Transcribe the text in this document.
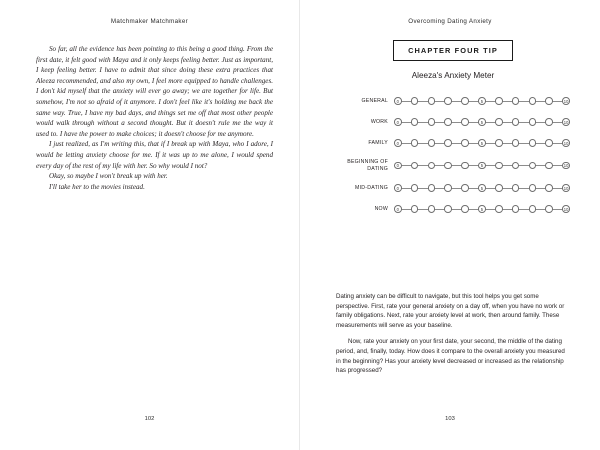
Matchmaker Matchmaker

So far, all the evidence has been pointing to this being a good thing. From the first date, it felt good with Maya and it only keeps feeling better. Just as important, I keep feeling better. I have to admit that since doing these extra practices that Aleeza recommended, and also my own, I feel more equipped to handle challenges. I don't kid myself that the anxiety will ever go away; we are together for life. But somehow, I'm not so afraid of it anymore. I don't feel like it's holding me back the same way. True, I have my bad days, and things set me off that most other people would walk through without a second thought. But it doesn't rule me the way it used to. I have the power to make choices; it doesn't choose for me anymore.

I just realized, as I'm writing this, that if I break up with Maya, who I adore, I would be letting anxiety choose for me. If it was up to me alone, I would spend every day of the rest of my life with her. So why would I not?

Okay, so maybe I won't break up with her.

I'll take her to the movies instead.

102
Overcoming Dating Anxiety
CHAPTER FOUR TIP
Aleeza's Anxiety Meter
GENERAL	0	5	10
WORK	0	5	10
FAMILY	0	5	10
BEGINNING OF DATING	0	5	10
MID-DATING	0	5	10
NOW	0	5	10

Dating anxiety can be difficult to navigate, but this tool helps you get some perspective. First, rate your general anxiety on a day off, when you have no work or family obligations. Next, rate your anxiety level at work, then around family. These measurements will serve as your baseline.

Now, rate your anxiety on your first date, your second, the middle of the dating period, and, finally, today. How does it compare to the overall anxiety you measured in the beginning? Has your anxiety level decreased or increased as the relationship has progressed?

103
